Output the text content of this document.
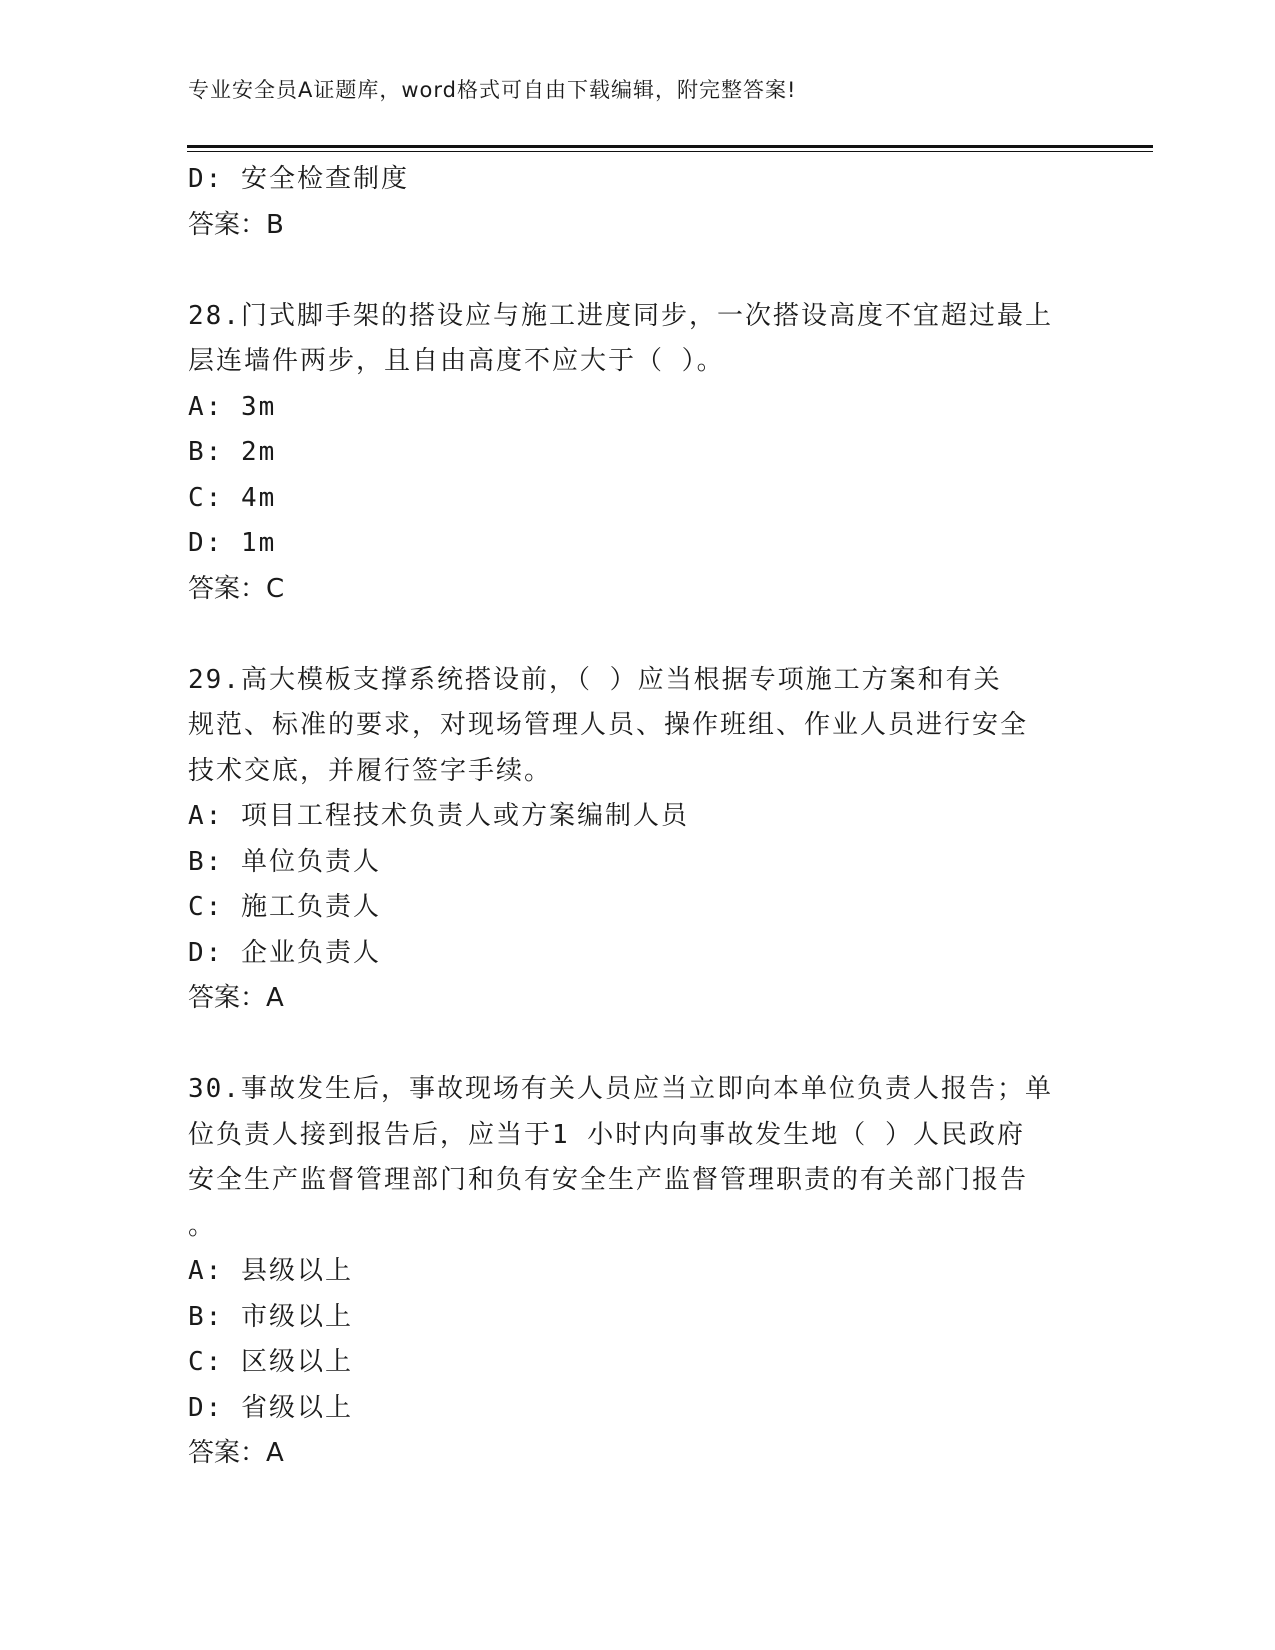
专业安全员A证题库，word格式可自由下载编辑，附完整答案!
D: 安全检查制度
答案：B
28.门式脚手架的搭设应与施工进度同步，一次搭设高度不宜超过最上
层连墙件两步，且自由高度不应大于（ ）。
A: 3m
B: 2m
C: 4m
D: 1m
答案：C
29.高大模板支撑系统搭设前，（ ）应当根据专项施工方案和有关
规范、标准的要求，对现场管理人员、操作班组、作业人员进行安全
技术交底，并履行签字手续。
A: 项目工程技术负责人或方案编制人员
B: 单位负责人
C: 施工负责人
D: 企业负责人
答案：A
30.事故发生后，事故现场有关人员应当立即向本单位负责人报告；单
位负责人接到报告后，应当于1 小时内向事故发生地（ ）人民政府
安全生产监督管理部门和负有安全生产监督管理职责的有关部门报告
。
A: 县级以上
B: 市级以上
C: 区级以上
D: 省级以上
答案：A
